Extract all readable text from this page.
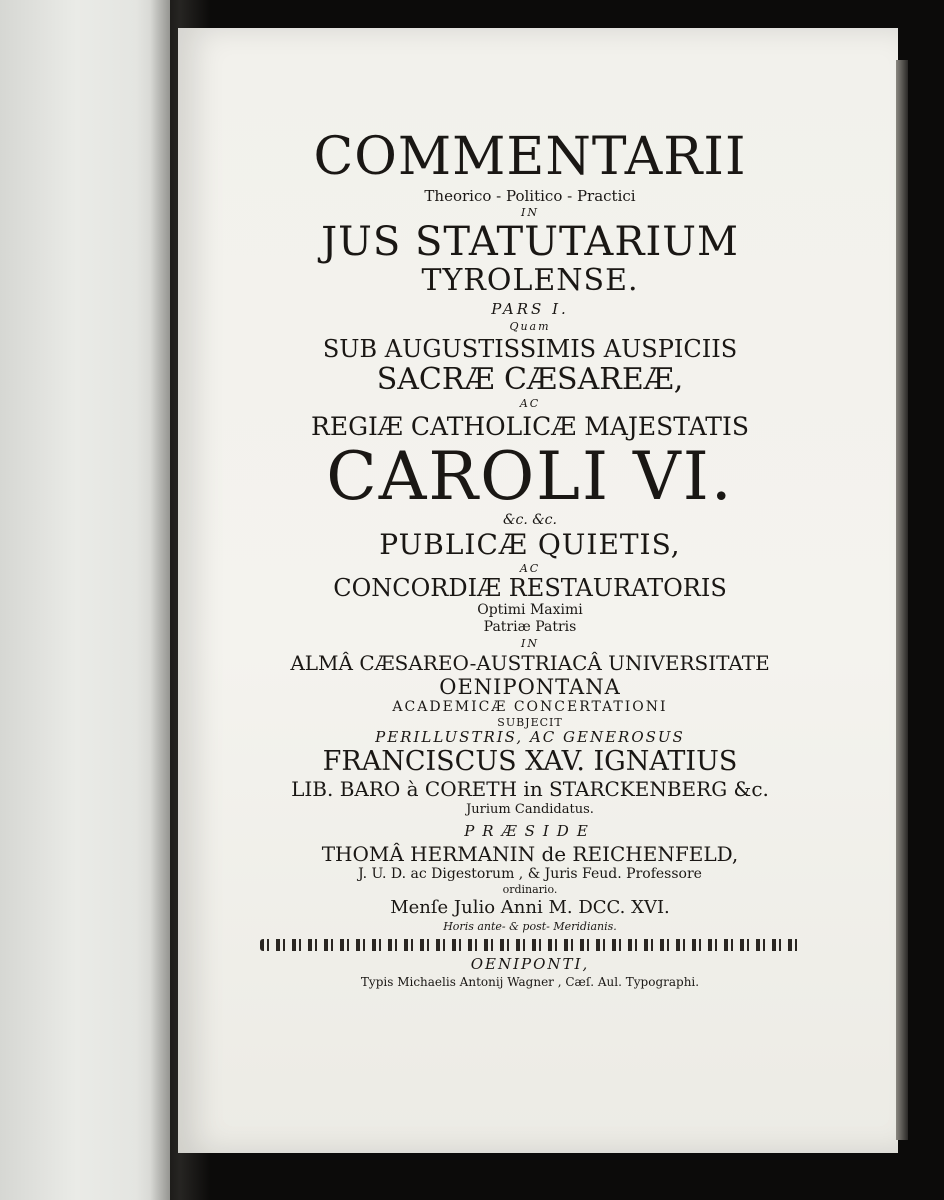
COMMENTARII
Theorico - Politico - Practici
IN
JUS STATUTARIUM
TYROLENSE.
PARS I.
Quam
SUB AUGUSTISSIMIS AUSPICIIS
SACRÆ CÆSAREÆ,
AC
REGIÆ CATHOLICÆ MAJESTATIS
CAROLI VI.
&c. &c.
PUBLICÆ QUIETIS,
AC
CONCORDIÆ RESTAURATORIS
Optimi Maximi
Patriæ Patris
IN
ALMÂ CÆSAREO-AUSTRIACÂ UNIVERSITATE
OENIPONTANA
ACADEMICÆ CONCERTATIONI
SUBJECIT
PERILLUSTRIS, AC GENEROSUS
FRANCISCUS XAV. IGNATIUS
LIB. BARO à CORETH in STARCKENBERG &c.
Jurium Candidatus.
PRÆSIDE
THOMÂ HERMANIN de REICHENFELD,
J. U. D. ac Digestorum , & Juris Feud. Professore
ordinario.
Menſe Julio Anni M. DCC. XVI.
Horis ante- & post- Meridianis.
OENIPONTI,
Typis Michaelis Antonij Wagner , Cæſ. Aul. Typographi.
